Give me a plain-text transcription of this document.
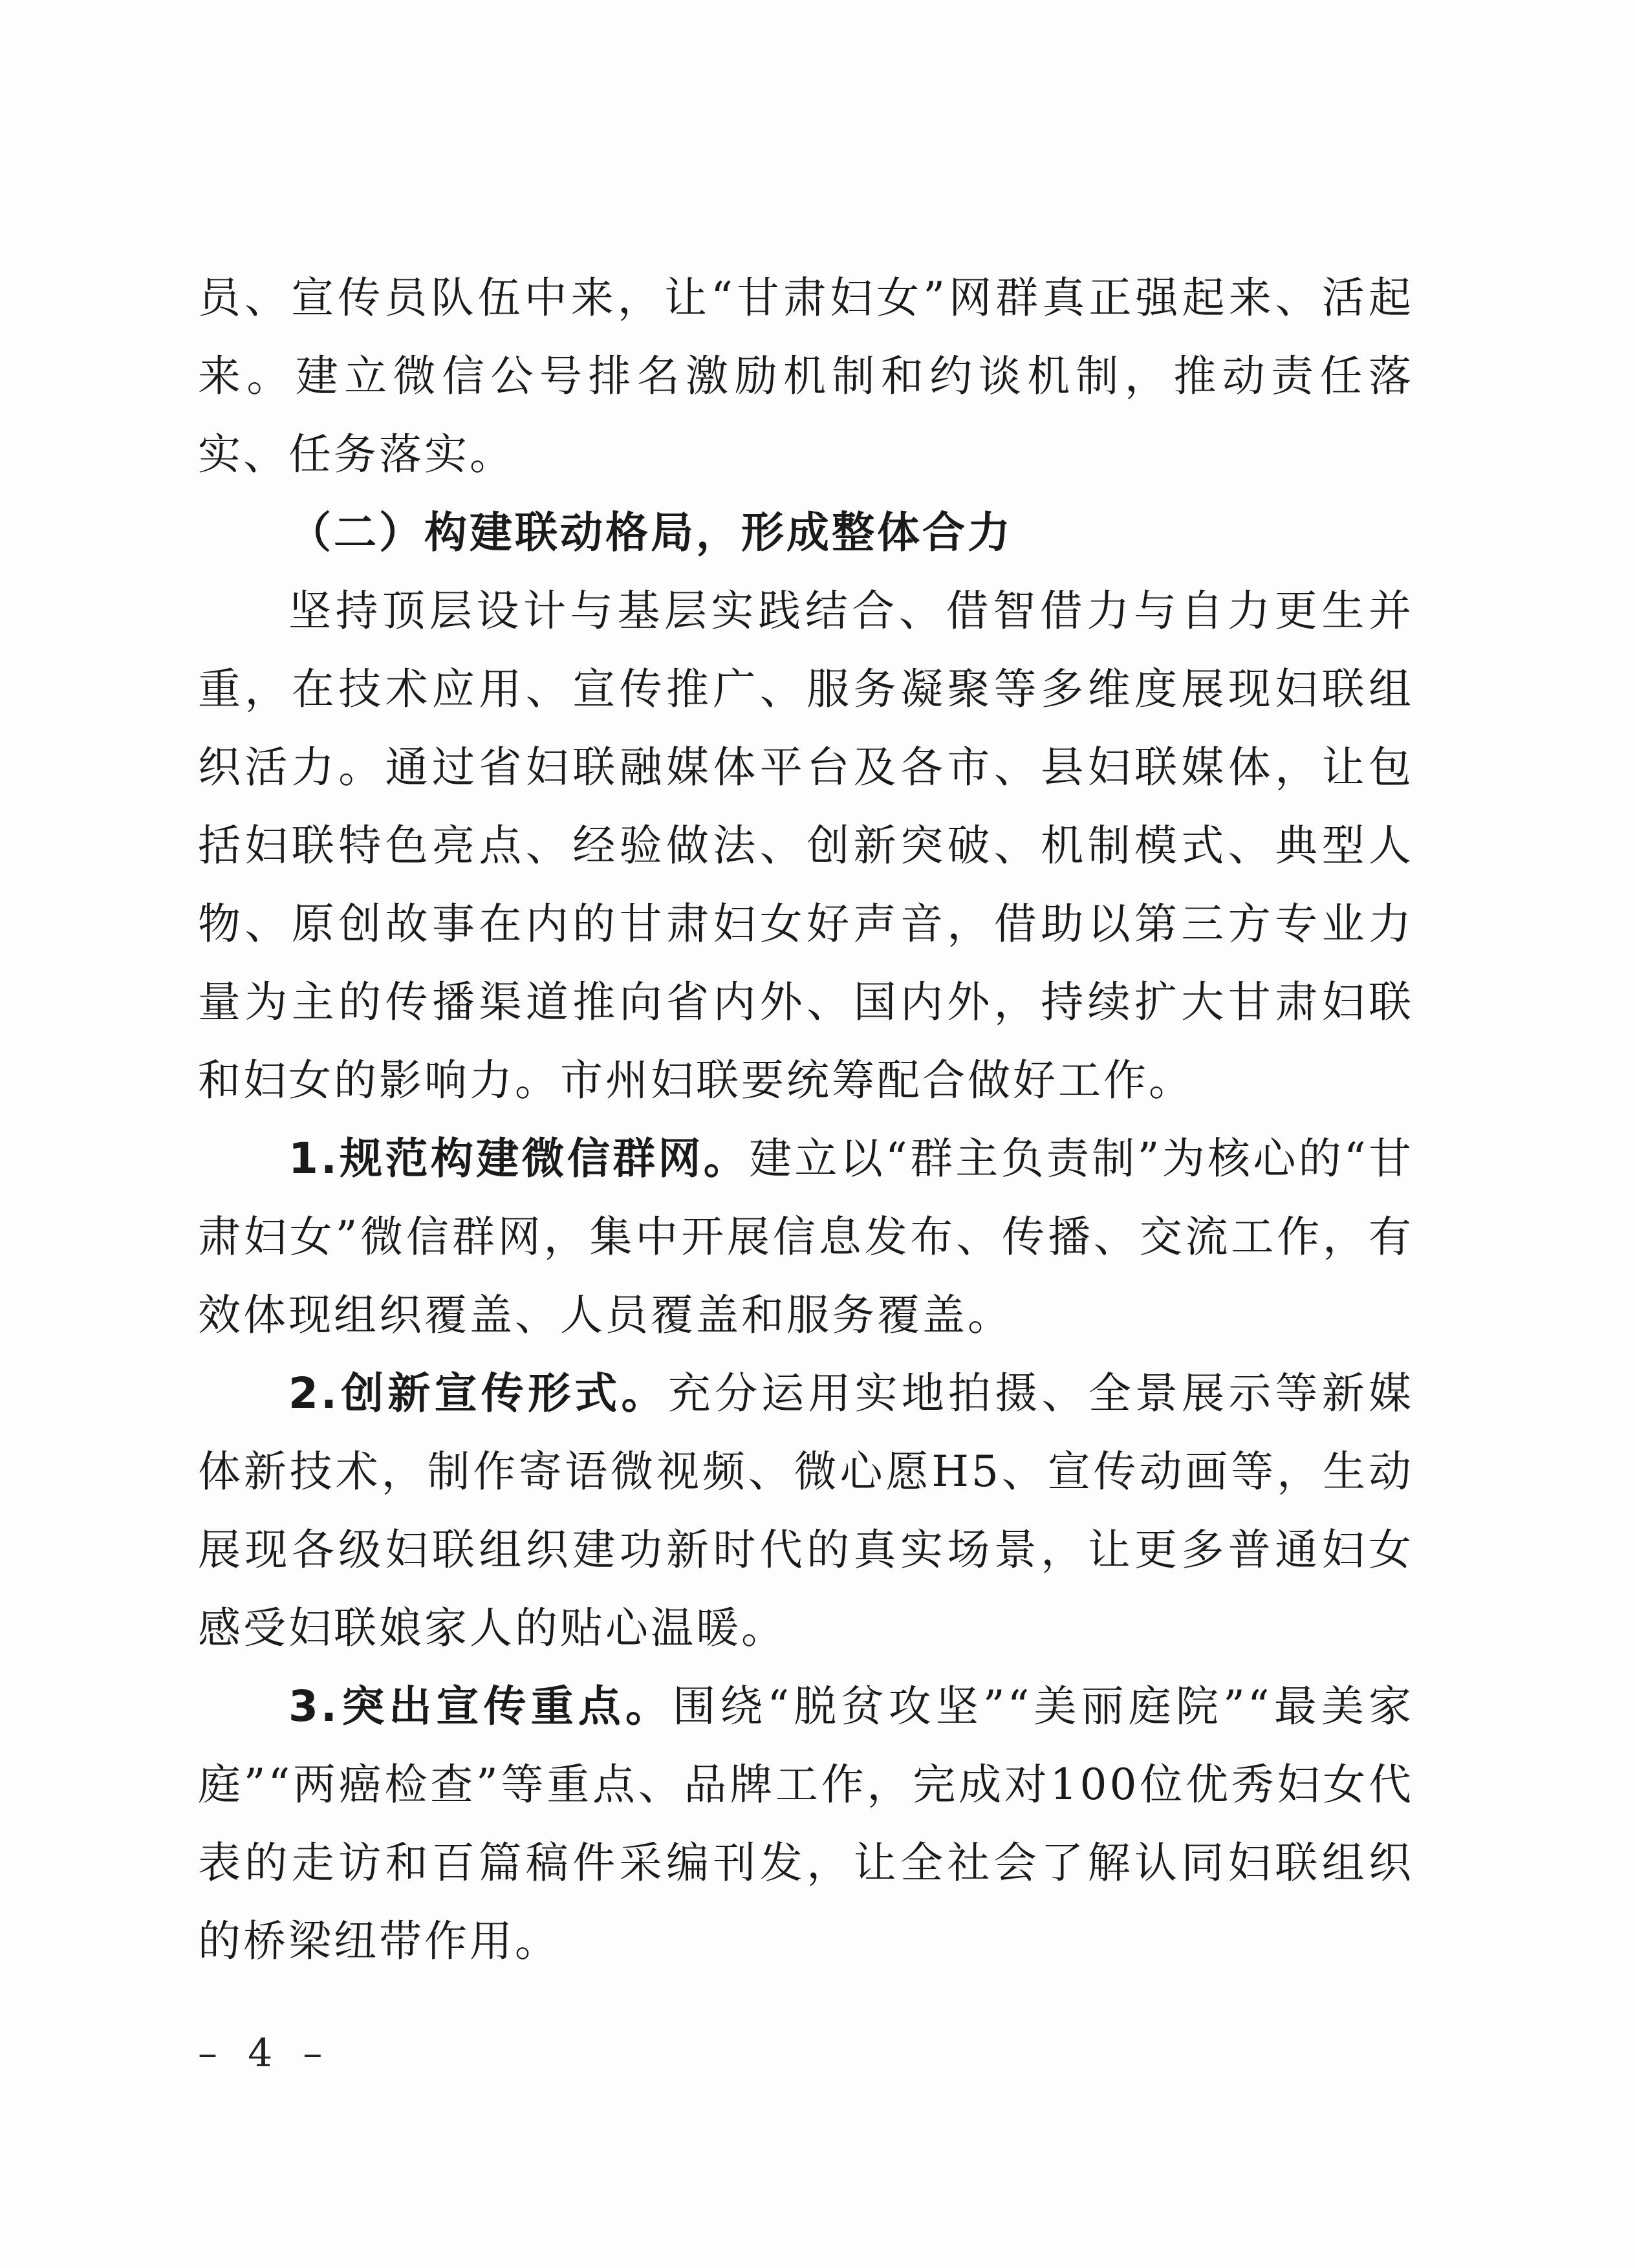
员、宣传员队伍中来，让“甘肃妇女”网群真正强起来、活起来。建立微信公号排名激励机制和约谈机制，推动责任落实、任务落实。

（二）构建联动格局，形成整体合力

坚持顶层设计与基层实践结合、借智借力与自力更生并重，在技术应用、宣传推广、服务凝聚等多维度展现妇联组织活力。通过省妇联融媒体平台及各市、县妇联媒体，让包括妇联特色亮点、经验做法、创新突破、机制模式、典型人物、原创故事在内的甘肃妇女好声音，借助以第三方专业力量为主的传播渠道推向省内外、国内外，持续扩大甘肃妇联和妇女的影响力。市州妇联要统筹配合做好工作。

1.规范构建微信群网。建立以“群主负责制”为核心的“甘肃妇女”微信群网，集中开展信息发布、传播、交流工作，有效体现组织覆盖、人员覆盖和服务覆盖。

2.创新宣传形式。充分运用实地拍摄、全景展示等新媒体新技术，制作寄语微视频、微心愿H5、宣传动画等，生动展现各级妇联组织建功新时代的真实场景，让更多普通妇女感受妇联娘家人的贴心温暖。

3.突出宣传重点。围绕“脱贫攻坚”“美丽庭院”“最美家庭”“两癌检查”等重点、品牌工作，完成对100位优秀妇女代表的走访和百篇稿件采编刊发，让全社会了解认同妇联组织的桥梁纽带作用。

– 4 –
